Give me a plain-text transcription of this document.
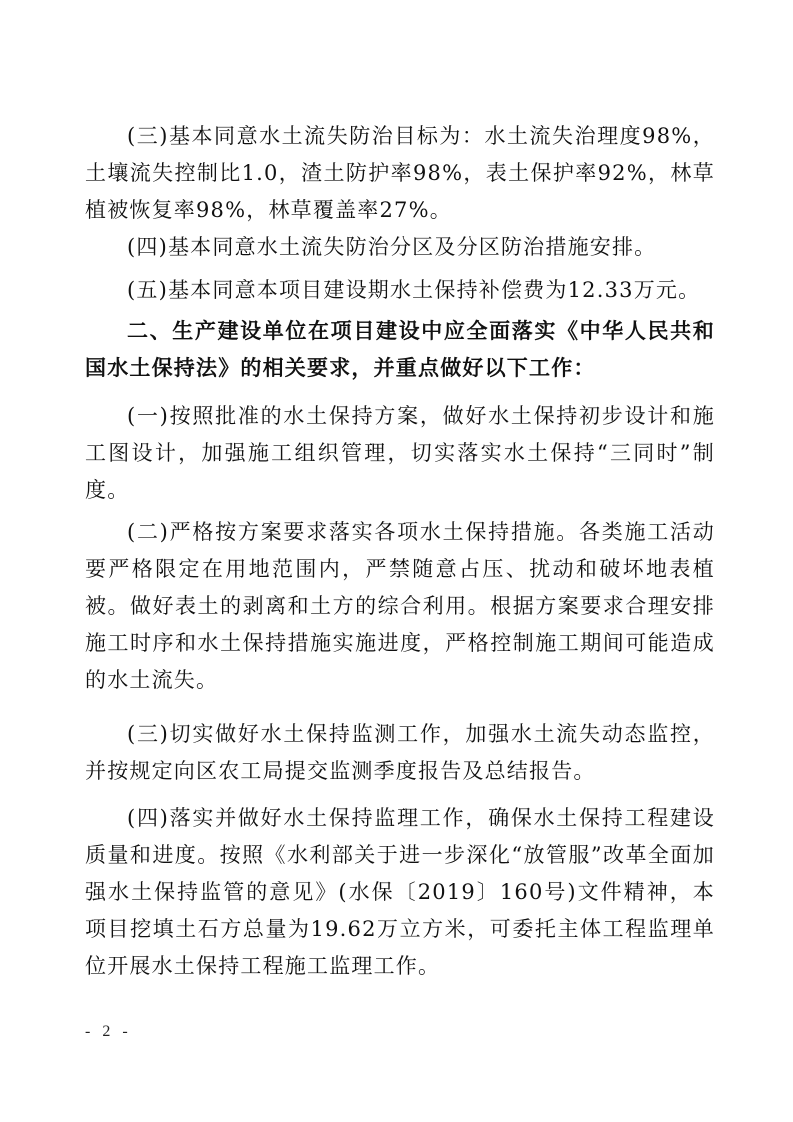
(三)基本同意水土流失防治目标为：水土流失治理度98%，土壤流失控制比1.0，渣土防护率98%，表土保护率92%，林草植被恢复率98%，林草覆盖率27%。

(四)基本同意水土流失防治分区及分区防治措施安排。

(五)基本同意本项目建设期水土保持补偿费为12.33万元。

二、生产建设单位在项目建设中应全面落实《中华人民共和国水土保持法》的相关要求，并重点做好以下工作：

(一)按照批准的水土保持方案，做好水土保持初步设计和施工图设计，加强施工组织管理，切实落实水土保持“三同时”制度。

(二)严格按方案要求落实各项水土保持措施。各类施工活动要严格限定在用地范围内，严禁随意占压、扰动和破坏地表植被。做好表土的剥离和土方的综合利用。根据方案要求合理安排施工时序和水土保持措施实施进度，严格控制施工期间可能造成的水土流失。

(三)切实做好水土保持监测工作，加强水土流失动态监控，并按规定向区农工局提交监测季度报告及总结报告。

(四)落实并做好水土保持监理工作，确保水土保持工程建设质量和进度。按照《水利部关于进一步深化“放管服”改革全面加强水土保持监管的意见》(水保〔2019〕160号)文件精神，本项目挖填土石方总量为19.62万立方米，可委托主体工程监理单位开展水土保持工程施工监理工作。

- 2 -
